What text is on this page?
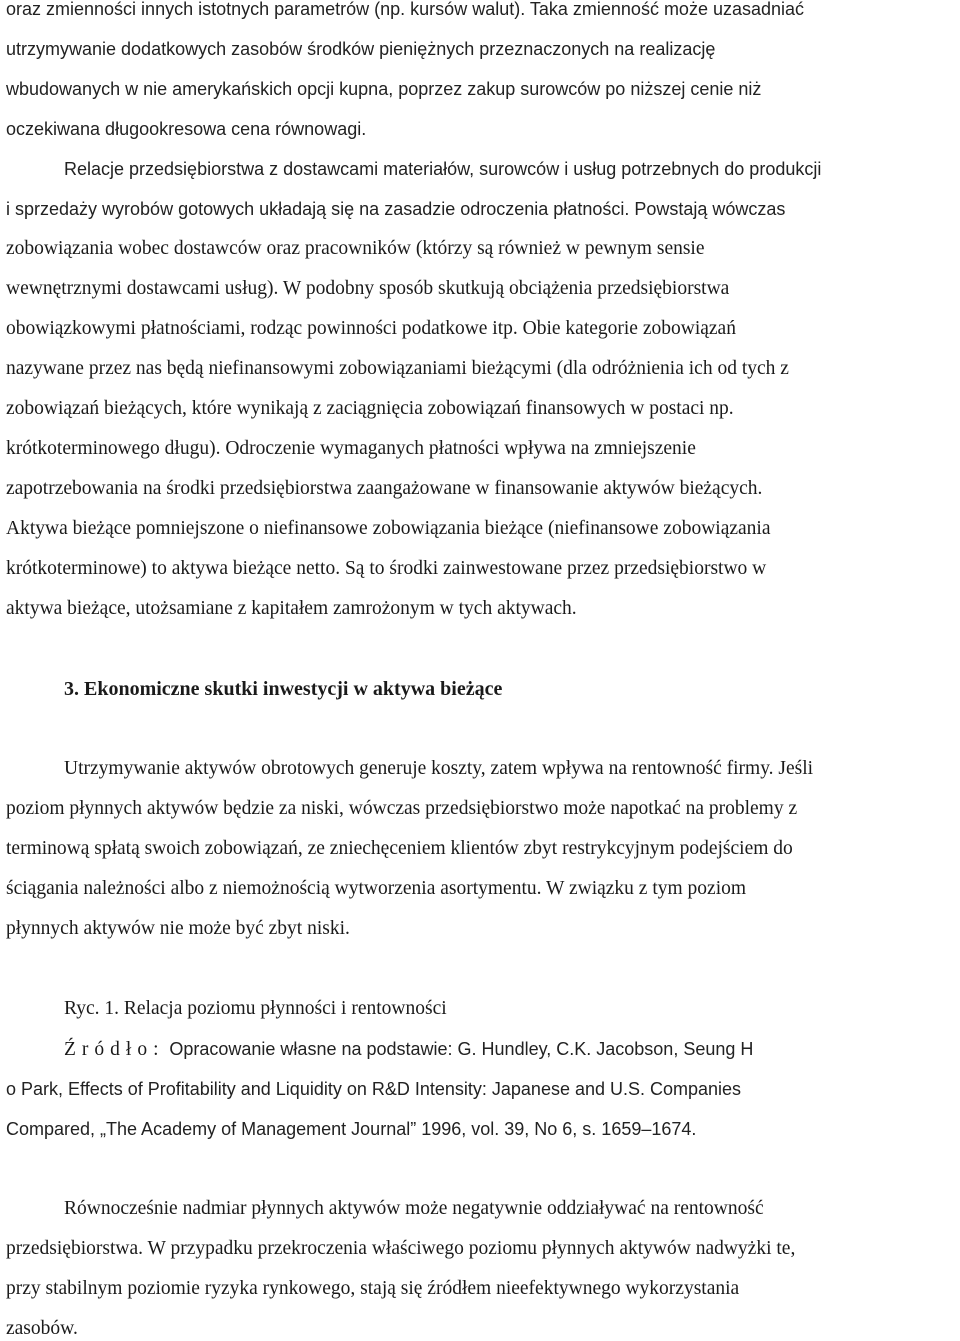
oraz zmienności innych istotnych parametrów (np. kursów walut). Taka zmienność może uzasadniać
utrzymywanie dodatkowych zasobów środków pieniężnych przeznaczonych na realizację
wbudowanych w nie amerykańskich opcji kupna, poprzez zakup surowców po niższej cenie niż
oczekiwana długookresowa cena równowagi.
Relacje przedsiębiorstwa z dostawcami materiałów, surowców i usług potrzebnych do produkcji
i sprzedaży wyrobów gotowych układają się na zasadzie odroczenia płatności. Powstają wówczas
zobowiązania wobec dostawców oraz pracowników (którzy są również w pewnym sensie
wewnętrznymi dostawcami usług). W podobny sposób skutkują obciążenia przedsiębiorstwa
obowiązkowymi płatnościami, rodząc powinności podatkowe itp. Obie kategorie zobowiązań
nazywane przez nas będą niefinansowymi zobowiązaniami bieżącymi (dla odróżnienia ich od tych z
zobowiązań bieżących, które wynikają z zaciągnięcia zobowiązań finansowych w postaci np.
krótkoterminowego długu). Odroczenie wymaganych płatności wpływa na zmniejszenie
zapotrzebowania na środki przedsiębiorstwa zaangażowane w finansowanie aktywów bieżących.
Aktywa bieżące pomniejszone o niefinansowe zobowiązania bieżące (niefinansowe zobowiązania
krótkoterminowe) to aktywa bieżące netto. Są to środki zainwestowane przez przedsiębiorstwo w
aktywa bieżące, utożsamiane z kapitałem zamrożonym w tych aktywach.
3. Ekonomiczne skutki inwestycji w aktywa bieżące
Utrzymywanie aktywów obrotowych generuje koszty, zatem wpływa na rentowność firmy. Jeśli
poziom płynnych aktywów będzie za niski, wówczas przedsiębiorstwo może napotkać na problemy z
terminową spłatą swoich zobowiązań, ze zniechęceniem klientów zbyt restrykcyjnym podejściem do
ściągania należności albo z niemożnością wytworzenia asortymentu. W związku z tym poziom
płynnych aktywów nie może być zbyt niski.
Ryc. 1. Relacja poziomu płynności i rentowności
Źródło: Opracowanie własne na podstawie: G. Hundley, C.K. Jacobson, Seung H
o Park, Effects of Profitability and Liquidity on R&D Intensity: Japanese and U.S. Companies
Compared, „The Academy of Management Journal” 1996, vol. 39, No 6, s. 1659–1674.
Równocześnie nadmiar płynnych aktywów może negatywnie oddziaływać na rentowność
przedsiębiorstwa. W przypadku przekroczenia właściwego poziomu płynnych aktywów nadwyżki te,
przy stabilnym poziomie ryzyka rynkowego, stają się źródłem nieefektywnego wykorzystania
zasobów.
